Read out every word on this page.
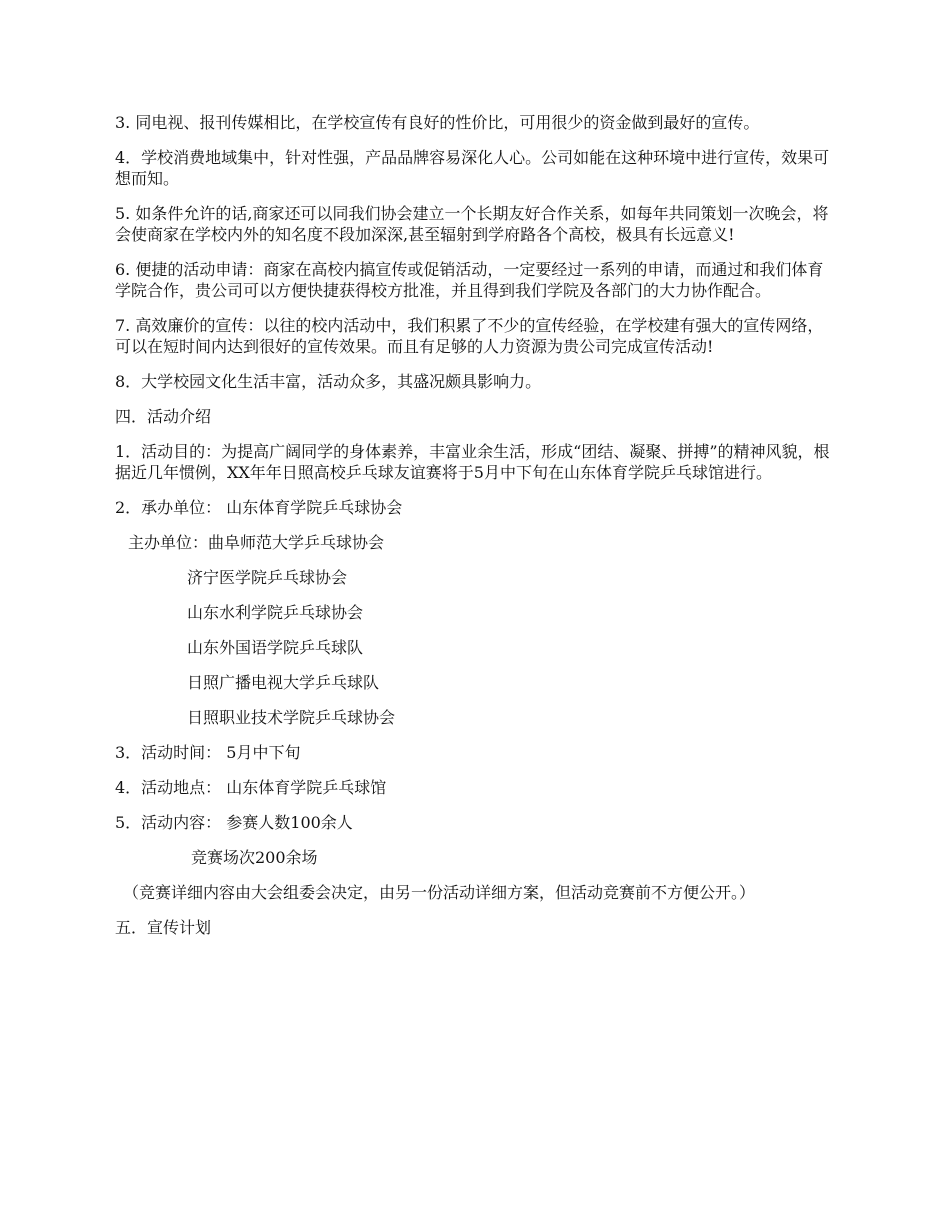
3. 同电视、报刊传媒相比，在学校宣传有良好的性价比，可用很少的资金做到最好的宣传。

4．学校消费地域集中，针对性强，产品品牌容易深化人心。公司如能在这种环境中进行宣传，效果可想而知。

5. 如条件允许的话,商家还可以同我们协会建立一个长期友好合作关系，如每年共同策划一次晚会，将会使商家在学校内外的知名度不段加深深,甚至辐射到学府路各个高校，极具有长远意义!

6. 便捷的活动申请：商家在高校内搞宣传或促销活动，一定要经过一系列的申请，而通过和我们体育学院合作，贵公司可以方便快捷获得校方批准，并且得到我们学院及各部门的大力协作配合。

7. 高效廉价的宣传：以往的校内活动中，我们积累了不少的宣传经验，在学校建有强大的宣传网络，可以在短时间内达到很好的宣传效果。而且有足够的人力资源为贵公司完成宣传活动!

8．大学校园文化生活丰富，活动众多，其盛况颇具影响力。

四．活动介绍

1．活动目的：为提高广阔同学的身体素养，丰富业余生活，形成“团结、凝聚、拼搏”的精神风貌，根据近几年惯例，XX年年日照高校乒乓球友谊赛将于5月中下旬在山东体育学院乒乓球馆进行。

2．承办单位： 山东体育学院乒乓球协会

主办单位：曲阜师范大学乒乓球协会

济宁医学院乒乓球协会

山东水利学院乒乓球协会

山东外国语学院乒乓球队

日照广播电视大学乒乓球队

日照职业技术学院乒乓球协会

3．活动时间： 5月中下旬

4．活动地点： 山东体育学院乒乓球馆

5．活动内容： 参赛人数100余人

竞赛场次200余场

（竞赛详细内容由大会组委会决定，由另一份活动详细方案，但活动竞赛前不方便公开。）

五．宣传计划
